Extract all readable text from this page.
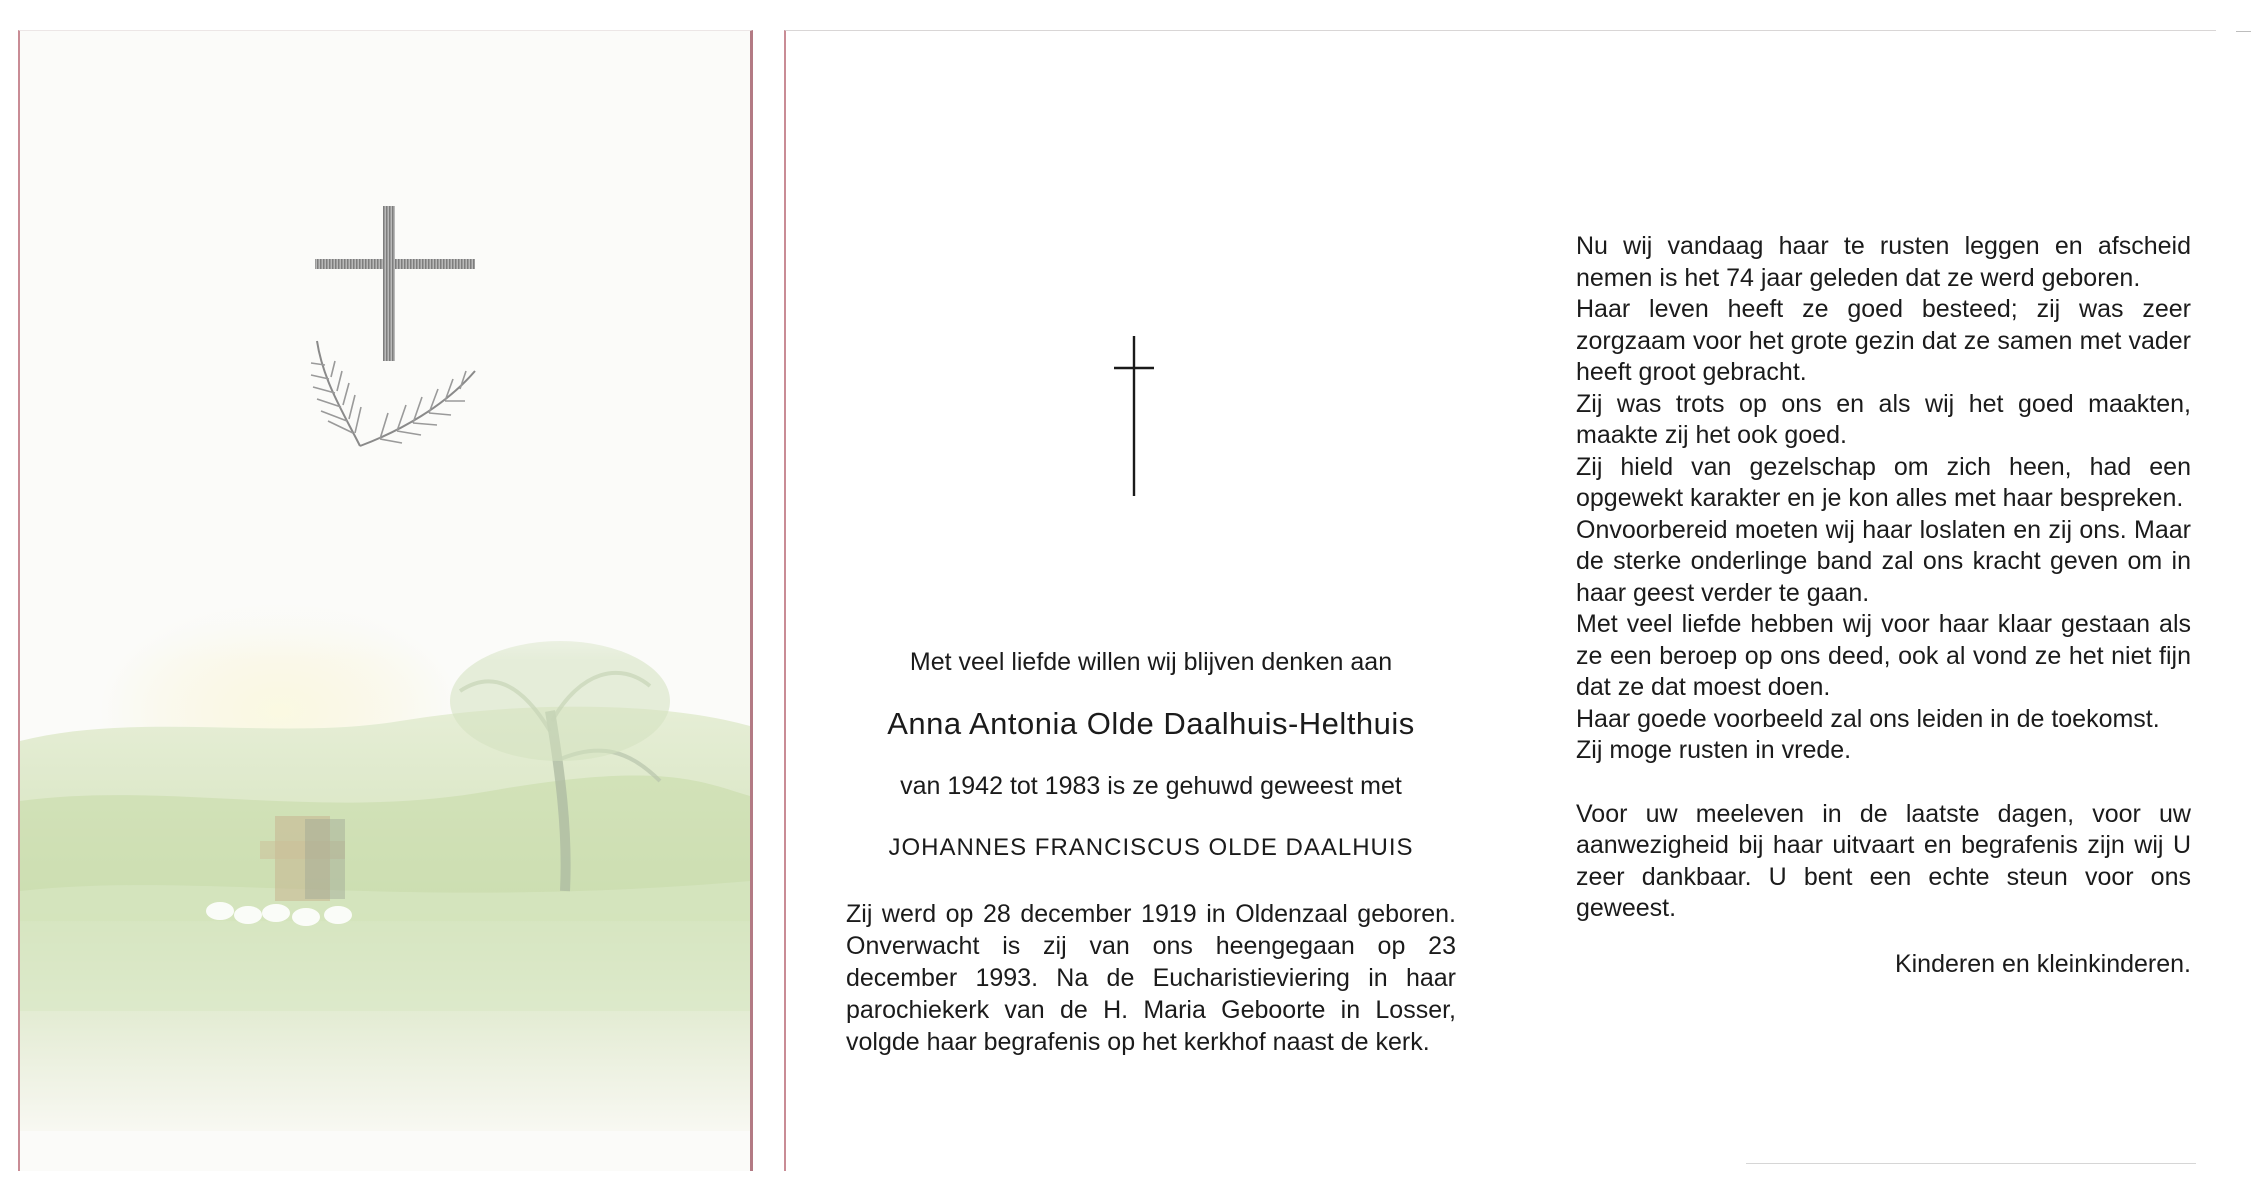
Met veel liefde willen wij blijven denken aan

Anna Antonia Olde Daalhuis-Helthuis

van 1942 tot 1983 is ze gehuwd geweest met

JOHANNES FRANCISCUS OLDE DAALHUIS

Zij werd op 28 december 1919 in Oldenzaal geboren. Onverwacht is zij van ons heengegaan op 23 december 1993. Na de Eucharistieviering in haar parochiekerk van de H. Maria Geboorte in Losser, volgde haar begrafenis op het kerkhof naast de kerk.

Nu wij vandaag haar te rusten leggen en afscheid nemen is het 74 jaar geleden dat ze werd geboren.

Haar leven heeft ze goed besteed; zij was zeer zorgzaam voor het grote gezin dat ze samen met vader heeft groot gebracht.

Zij was trots op ons en als wij het goed maakten, maakte zij het ook goed.

Zij hield van gezelschap om zich heen, had een opgewekt karakter en je kon alles met haar bespreken.

Onvoorbereid moeten wij haar loslaten en zij ons. Maar de sterke onderlinge band zal ons kracht geven om in haar geest verder te gaan.

Met veel liefde hebben wij voor haar klaar gestaan als ze een beroep op ons deed, ook al vond ze het niet fijn dat ze dat moest doen.

Haar goede voorbeeld zal ons leiden in de toekomst.

Zij moge rusten in vrede.

Voor uw meeleven in de laatste dagen, voor uw aanwezigheid bij haar uitvaart en begrafenis zijn wij U zeer dankbaar. U bent een echte steun voor ons geweest.

Kinderen en kleinkinderen.
